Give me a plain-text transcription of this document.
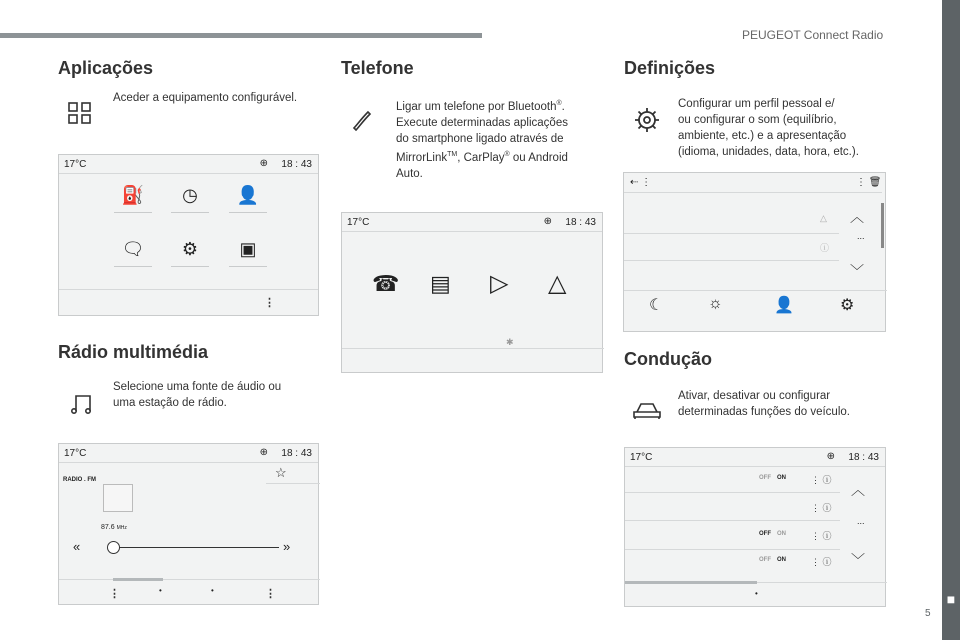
PEUGEOT Connect Radio
■
5
Aplicações
Aceder a equipamento configurável.
17°C	⊕ 18 : 43
⛽	◷	👤
🗨	⚙	▣
⋮
Rádio multimédia
Selecione uma fonte de áudio ou
uma estação de rádio.
17°C	⊕ 18 : 43
☆
RADIO . FM
87.6 MHz
«	»
⋮	•	•	⋮
Telefone
Ligar um telefone por Bluetooth®.
Execute determinadas aplicações
do smartphone ligado através de
MirrorLink™, CarPlay® ou Android
Auto.
17°C	⊕ 18 : 43
☎ ▤ ▷ △
✱
Definições
Configurar um perfil pessoal e/
ou configurar o som (equilíbrio,
ambiente, etc.) e a apresentação
(idioma, unidades, data, hora, etc.).
⇠ ⋮	⋮ 🗑
△
ⓘ
︿
...
﹀
☾	☼	👤	⚙
Condução
Ativar, desativar ou configurar
determinadas funções do veículo.
17°C	⊕ 18 : 43
OFF ON	⋮ ⓘ
⋮ ⓘ
OFF ON	⋮ ⓘ
OFF ON	⋮ ⓘ
︿
...
﹀
•
